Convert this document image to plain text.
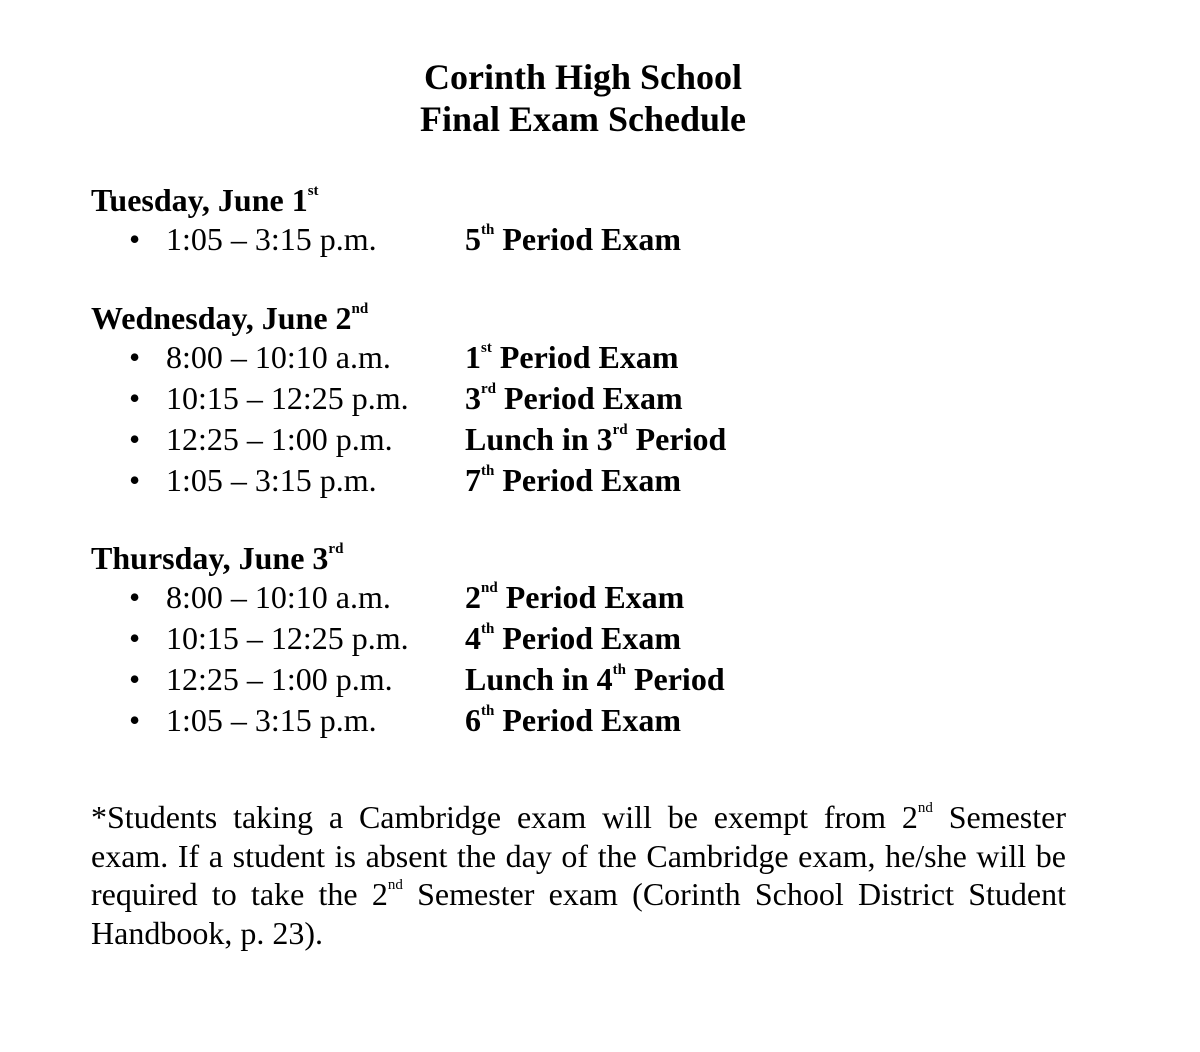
Corinth High School
Final Exam Schedule
Tuesday, June 1st
• 1:05 – 3:15 p.m.	5th Period Exam
Wednesday, June 2nd
• 8:00 – 10:10 a.m. 1st Period Exam
• 10:15 – 12:25 p.m. 3rd Period Exam
• 12:25 – 1:00 p.m. Lunch in 3rd Period
• 1:05 – 3:15 p.m.	7th Period Exam
Thursday, June 3rd
• 8:00 – 10:10 a.m. 2nd Period Exam
• 10:15 – 12:25 p.m. 4th Period Exam
• 12:25 – 1:00 p.m. Lunch in 4th Period
• 1:05 – 3:15 p.m.	6th Period Exam
*Students taking a Cambridge exam will be exempt from 2nd Semester exam. If a student is absent the day of the Cambridge exam, he/she will be required to take the 2nd Semester exam (Corinth School District Student Handbook, p. 23).
